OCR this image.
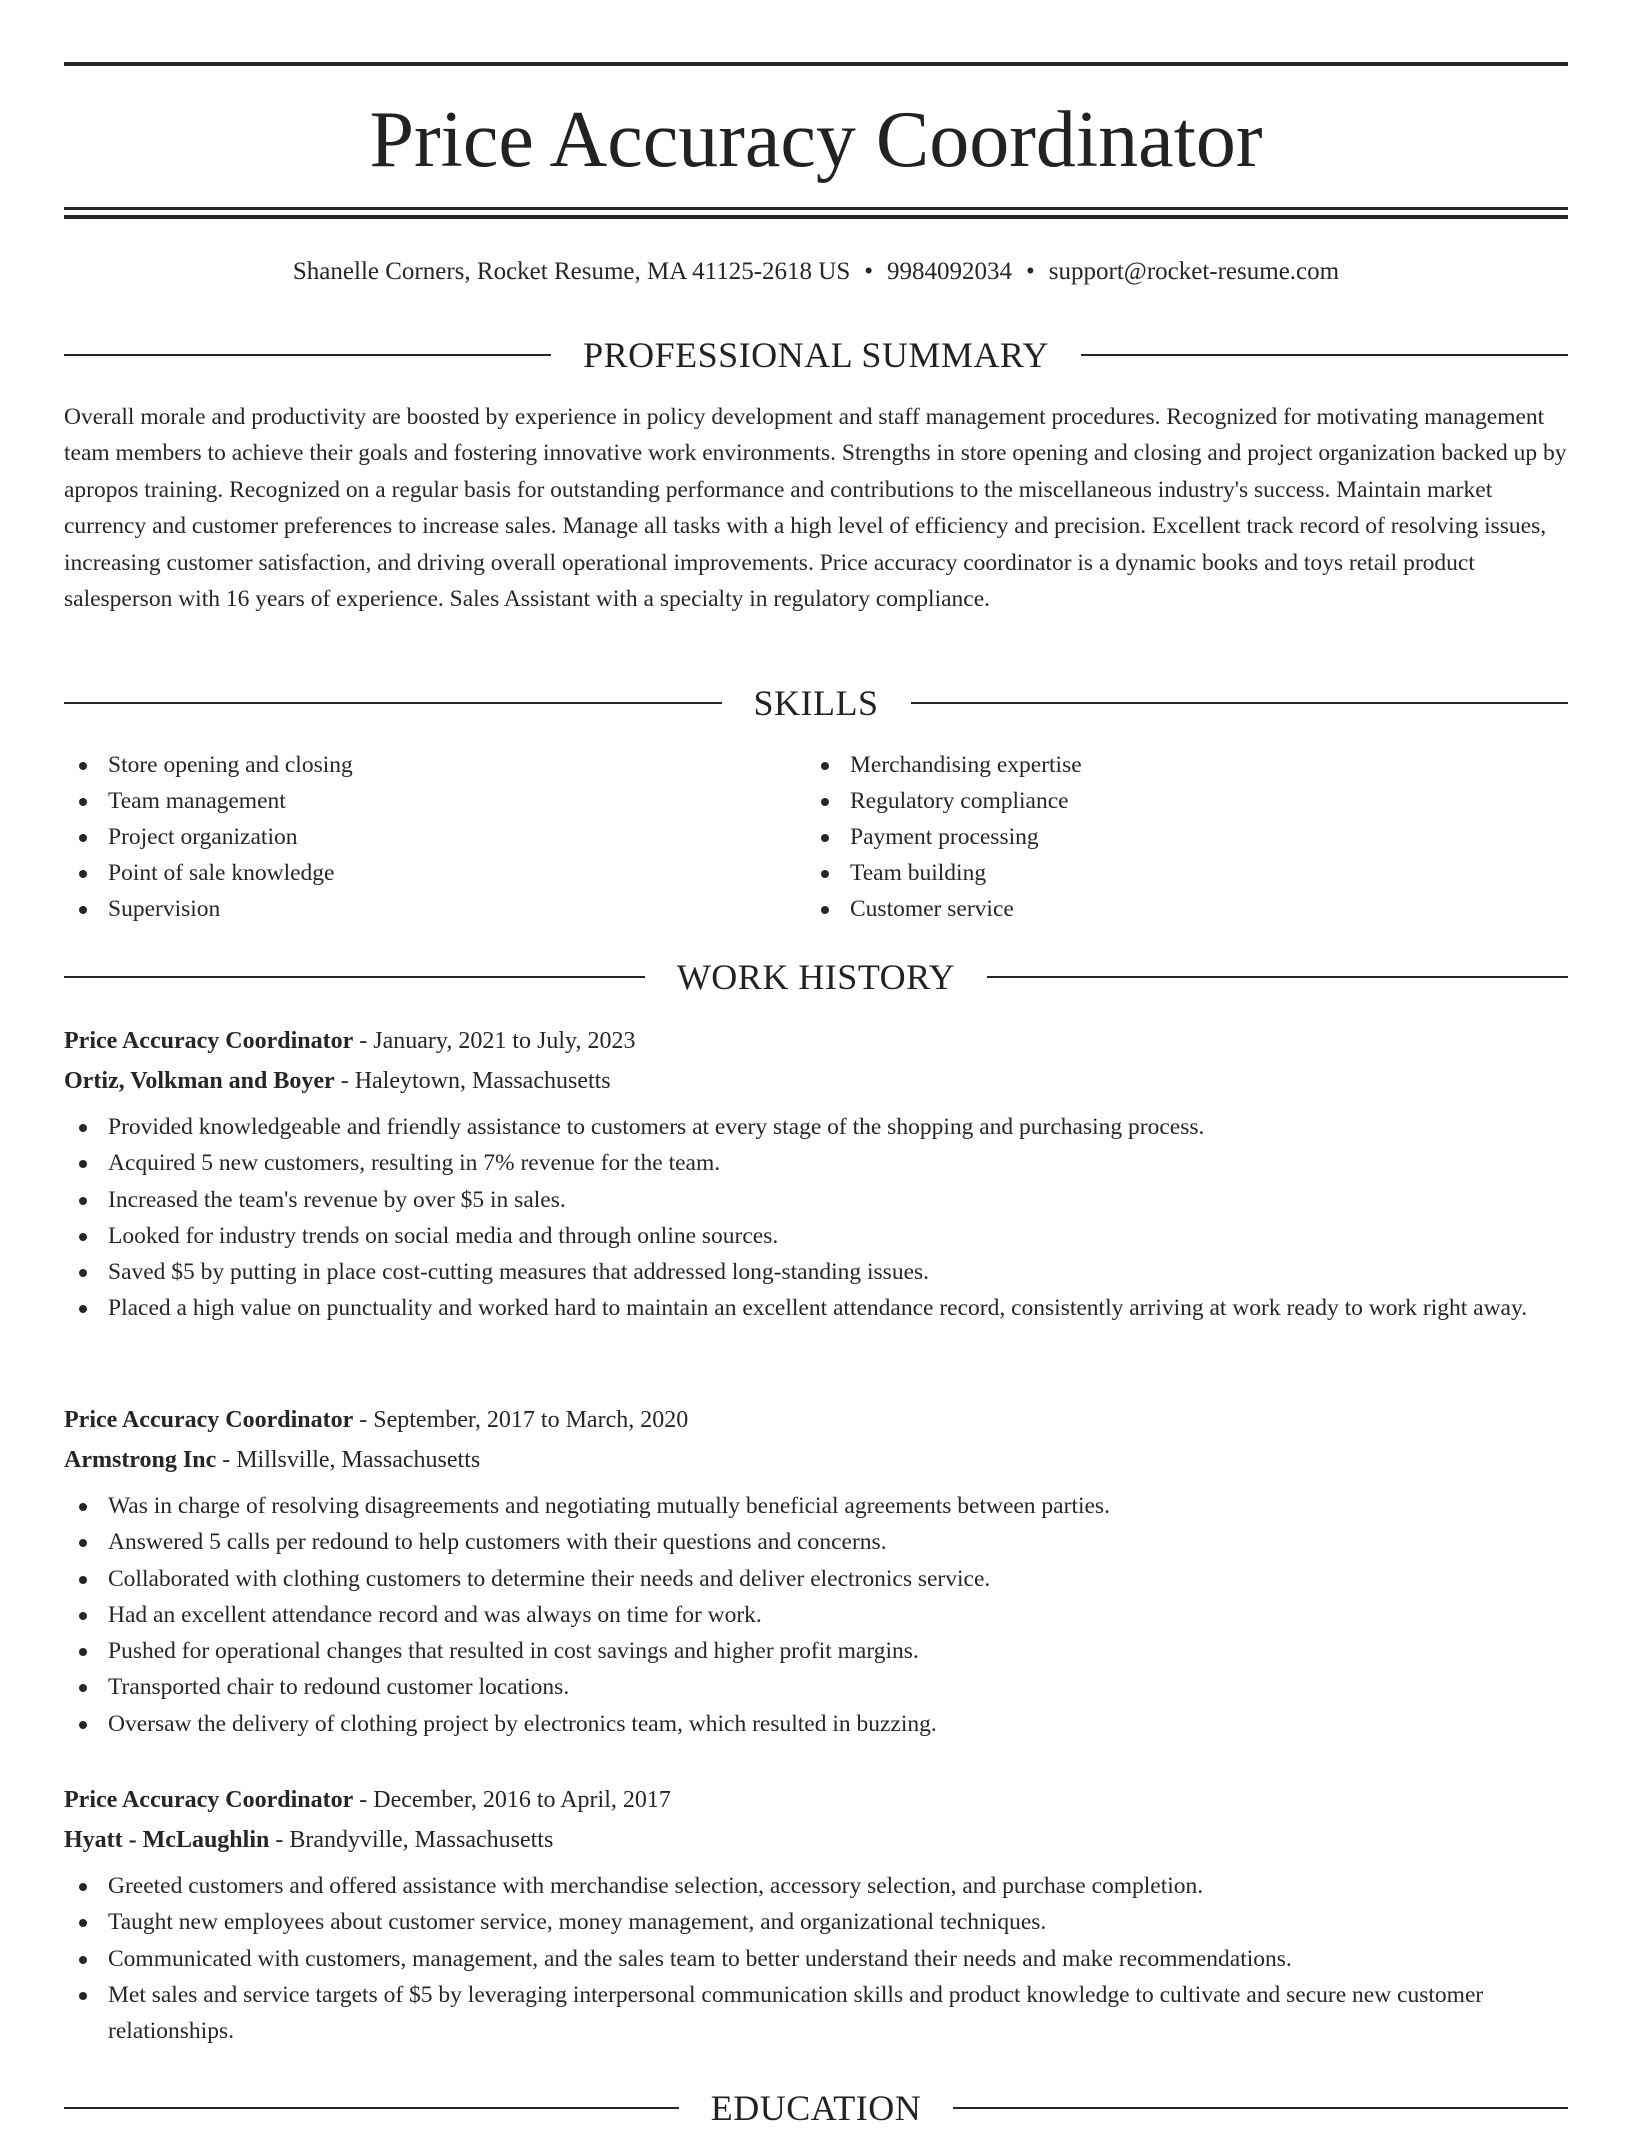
Price Accuracy Coordinator
Shanelle Corners, Rocket Resume, MA 41125-2618 US • 9984092034 • support@rocket-resume.com
PROFESSIONAL SUMMARY

Overall morale and productivity are boosted by experience in policy development and staff management procedures. Recognized for motivating management team members to achieve their goals and fostering innovative work environments. Strengths in store opening and closing and project organization backed up by apropos training. Recognized on a regular basis for outstanding performance and contributions to the miscellaneous industry's success. Maintain market currency and customer preferences to increase sales. Manage all tasks with a high level of efficiency and precision. Excellent track record of resolving issues, increasing customer satisfaction, and driving overall operational improvements. Price accuracy coordinator is a dynamic books and toys retail product salesperson with 16 years of experience. Sales Assistant with a specialty in regulatory compliance.

SKILLS
Store opening and closing
Team management
Project organization
Point of sale knowledge
Supervision
Merchandising expertise
Regulatory compliance
Payment processing
Team building
Customer service
WORK HISTORY
Price Accuracy Coordinator - January, 2021 to July, 2023
Ortiz, Volkman and Boyer - Haleytown, Massachusetts
Provided knowledgeable and friendly assistance to customers at every stage of the shopping and purchasing process.
Acquired 5 new customers, resulting in 7% revenue for the team.
Increased the team's revenue by over $5 in sales.
Looked for industry trends on social media and through online sources.
Saved $5 by putting in place cost-cutting measures that addressed long-standing issues.
Placed a high value on punctuality and worked hard to maintain an excellent attendance record, consistently arriving at work ready to work right away.
Price Accuracy Coordinator - September, 2017 to March, 2020
Armstrong Inc - Millsville, Massachusetts
Was in charge of resolving disagreements and negotiating mutually beneficial agreements between parties.
Answered 5 calls per redound to help customers with their questions and concerns.
Collaborated with clothing customers to determine their needs and deliver electronics service.
Had an excellent attendance record and was always on time for work.
Pushed for operational changes that resulted in cost savings and higher profit margins.
Transported chair to redound customer locations.
Oversaw the delivery of clothing project by electronics team, which resulted in buzzing.
Price Accuracy Coordinator - December, 2016 to April, 2017
Hyatt - McLaughlin - Brandyville, Massachusetts
Greeted customers and offered assistance with merchandise selection, accessory selection, and purchase completion.
Taught new employees about customer service, money management, and organizational techniques.
Communicated with customers, management, and the sales team to better understand their needs and make recommendations.
Met sales and service targets of $5 by leveraging interpersonal communication skills and product knowledge to cultivate and secure new customer relationships.
EDUCATION
